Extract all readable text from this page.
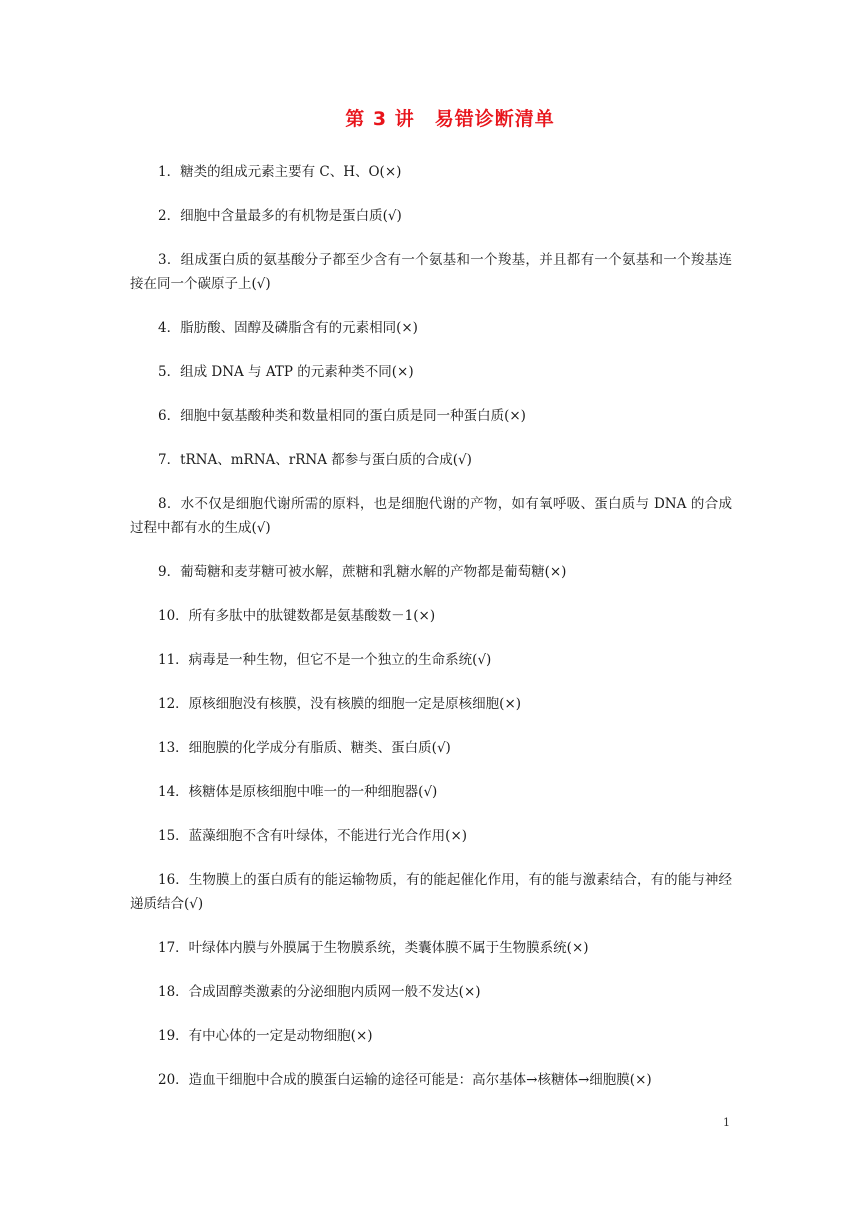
第 3 讲　易错诊断清单

1．糖类的组成元素主要有 C、H、O(×)

2．细胞中含量最多的有机物是蛋白质(√)

3．组成蛋白质的氨基酸分子都至少含有一个氨基和一个羧基，并且都有一个氨基和一个羧基连接在同一个碳原子上(√)

4．脂肪酸、固醇及磷脂含有的元素相同(×)

5．组成 DNA 与 ATP 的元素种类不同(×)

6．细胞中氨基酸种类和数量相同的蛋白质是同一种蛋白质(×)

7．tRNA、mRNA、rRNA 都参与蛋白质的合成(√)

8．水不仅是细胞代谢所需的原料，也是细胞代谢的产物，如有氧呼吸、蛋白质与 DNA 的合成过程中都有水的生成(√)

9．葡萄糖和麦芽糖可被水解，蔗糖和乳糖水解的产物都是葡萄糖(×)

10．所有多肽中的肽键数都是氨基酸数－1(×)

11．病毒是一种生物，但它不是一个独立的生命系统(√)

12．原核细胞没有核膜，没有核膜的细胞一定是原核细胞(×)

13．细胞膜的化学成分有脂质、糖类、蛋白质(√)

14．核糖体是原核细胞中唯一的一种细胞器(√)

15．蓝藻细胞不含有叶绿体，不能进行光合作用(×)

16．生物膜上的蛋白质有的能运输物质，有的能起催化作用，有的能与激素结合，有的能与神经递质结合(√)

17．叶绿体内膜与外膜属于生物膜系统，类囊体膜不属于生物膜系统(×)

18．合成固醇类激素的分泌细胞内质网一般不发达(×)

19．有中心体的一定是动物细胞(×)

20．造血干细胞中合成的膜蛋白运输的途径可能是：高尔基体→核糖体→细胞膜(×)

1
